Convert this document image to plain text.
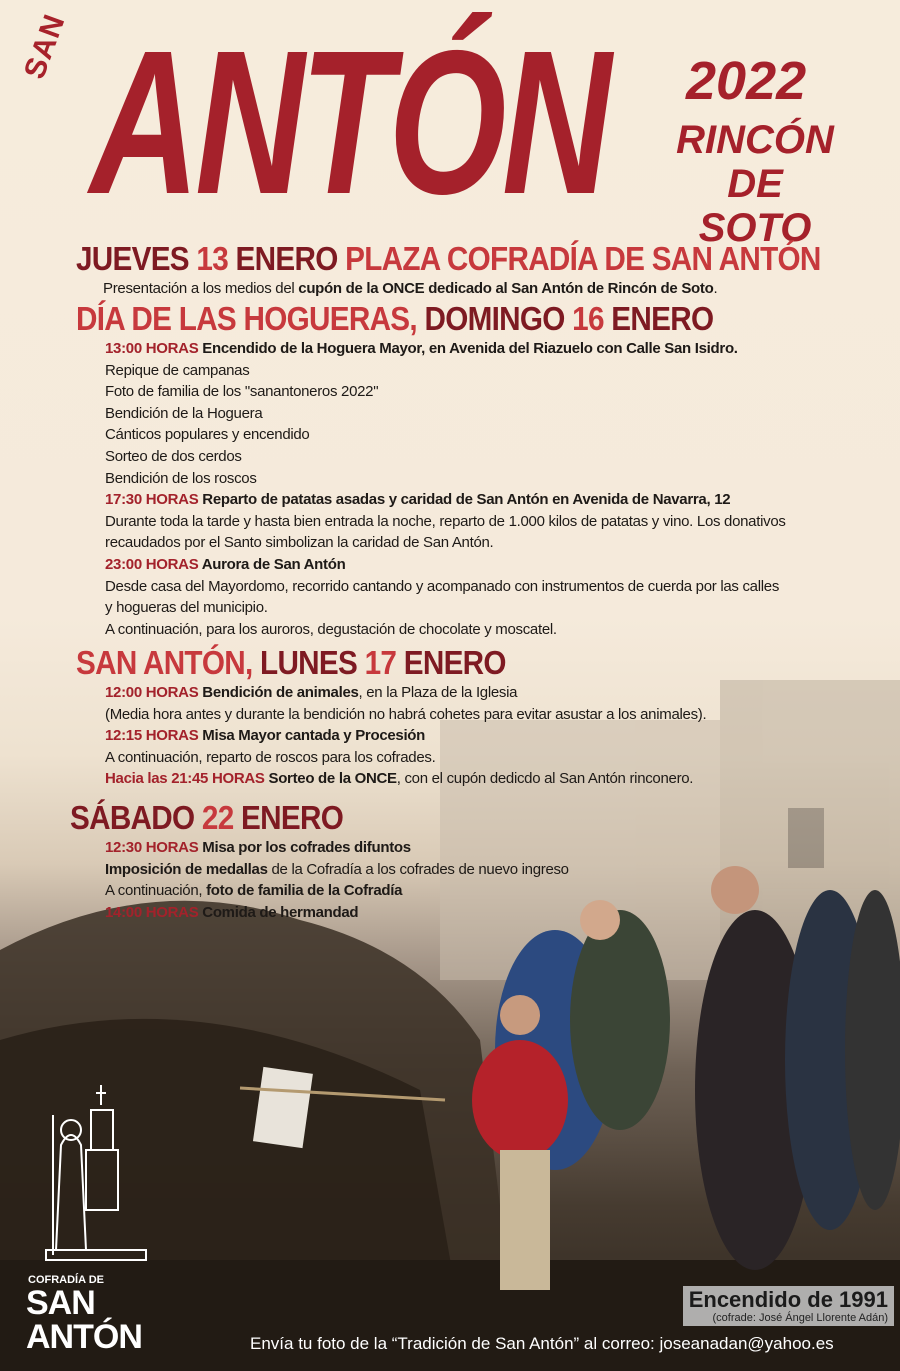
SAN ANTÓN 2022
RINCÓN
DE SOTO
JUEVES 13 ENERO PLAZA COFRADÍA DE SAN ANTÓN
Presentación a los medios del cupón de la ONCE dedicado al San Antón de Rincón de Soto.
DÍA DE LAS HOGUERAS, DOMINGO 16 ENERO
13:00 HORAS Encendido de la Hoguera Mayor, en Avenida del Riazuelo con Calle San Isidro.
Repique de campanas
Foto de familia de los "sanantoneros 2022"
Bendición de la Hoguera
Cánticos populares y encendido
Sorteo de dos cerdos
Bendición de los roscos
17:30 HORAS Reparto de patatas asadas y caridad de San Antón en Avenida de Navarra, 12
Durante toda la tarde y hasta bien entrada la noche, reparto de 1.000 kilos de patatas y vino. Los donativos
recaudados por el Santo simbolizan la caridad de San Antón.
23:00 HORAS Aurora de San Antón
Desde casa del Mayordomo, recorrido cantando y acompanado con instrumentos de cuerda por las calles
y hogueras del municipio.
A continuación, para los auroros, degustación de chocolate y moscatel.
SAN ANTÓN, LUNES 17 ENERO
12:00 HORAS Bendición de animales, en la Plaza de la Iglesia
(Media hora antes y durante la bendición no habrá cohetes para evitar asustar a los animales).
12:15 HORAS Misa Mayor cantada y Procesión
A continuación, reparto de roscos para los cofrades.
Hacia las 21:45 HORAS Sorteo de la ONCE, con el cupón dedicdo al San Antón rinconero.
SÁBADO 22 ENERO
12:30 HORAS Misa por los cofrades difuntos
Imposición de medallas de la Cofradía a los cofrades de nuevo ingreso
A continuación, foto de familia de la Cofradía
14:00 HORAS Comida de hermandad
COFRADÍA DE
SAN ANTÓN
Encendido de 1991
(cofrade: José Ángel Llorente Adán)
Envía tu foto de la “Tradición de San Antón” al correo: joseanadan@yahoo.es
